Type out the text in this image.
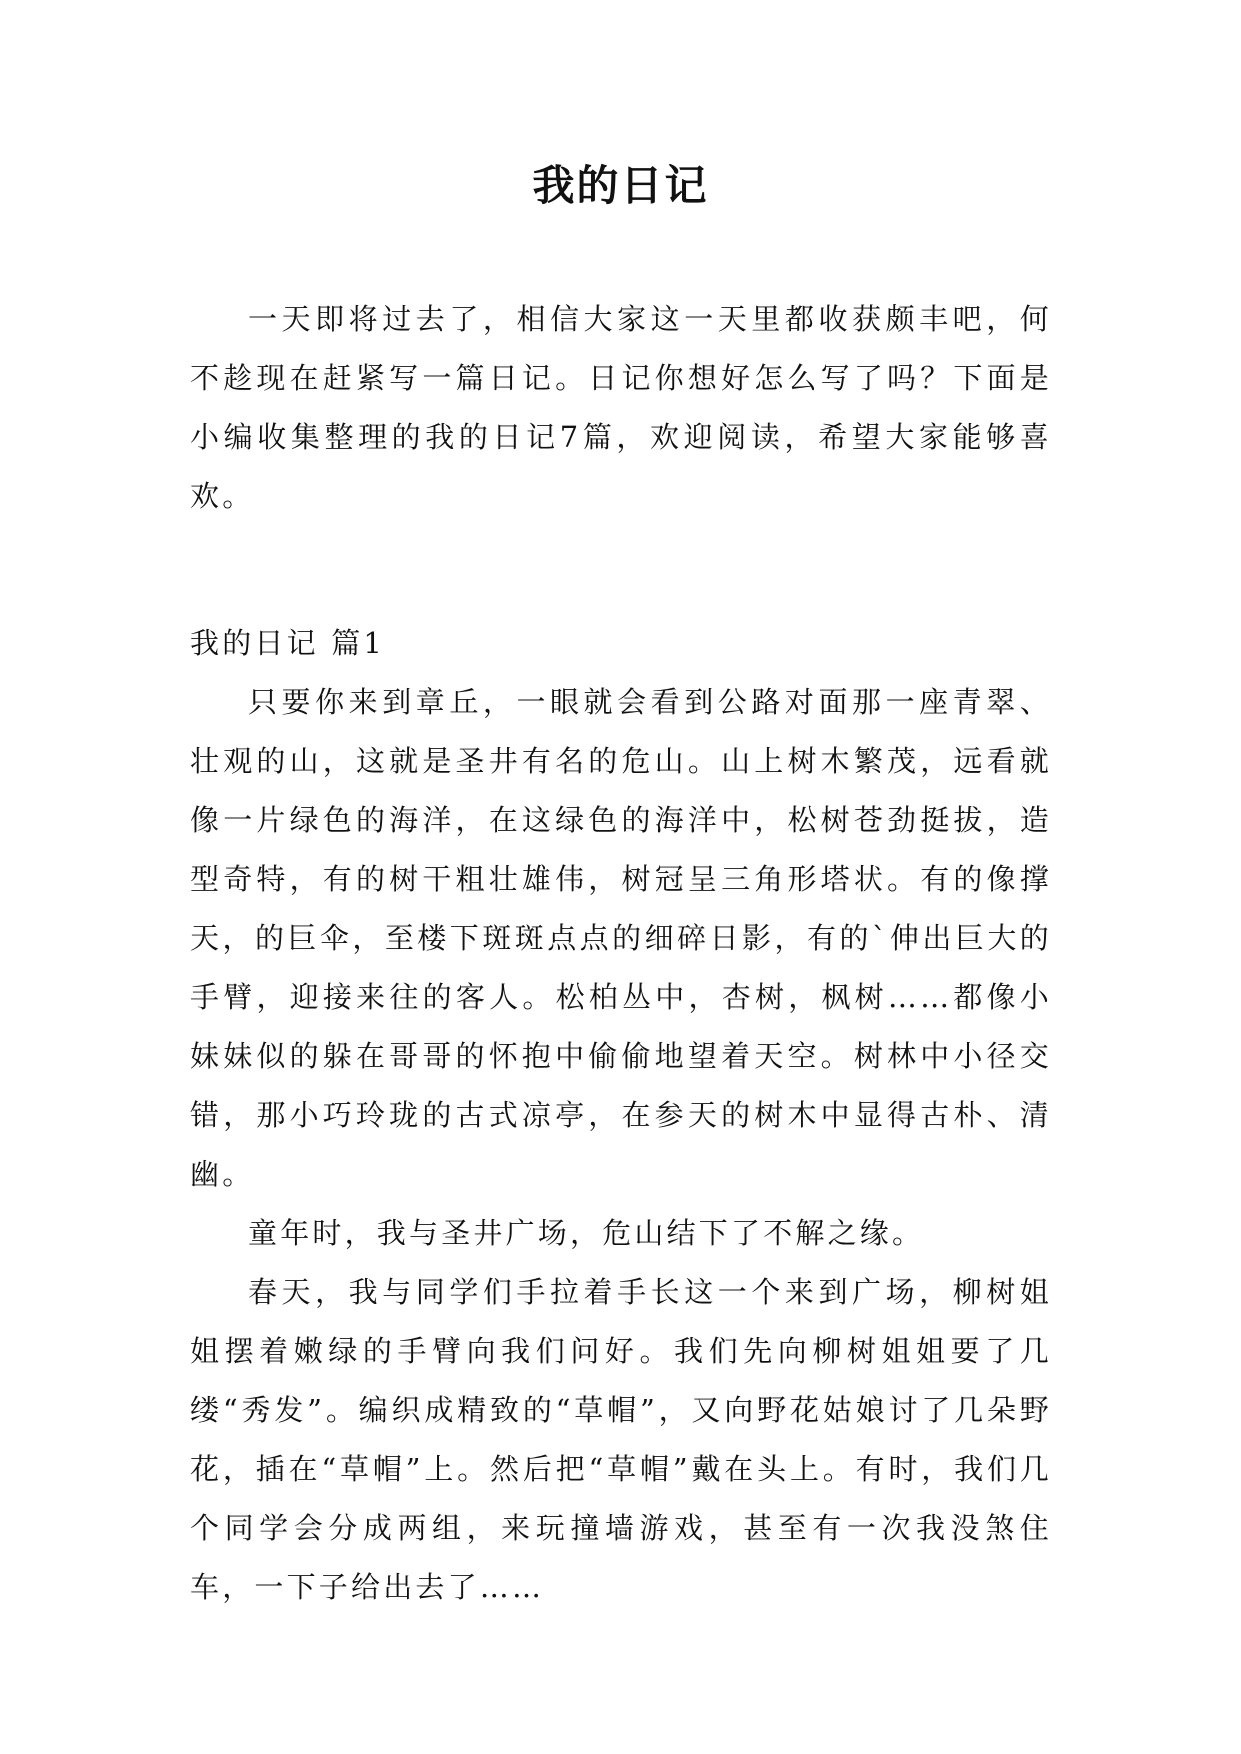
我的日记

一天即将过去了，相信大家这一天里都收获颇丰吧，何不趁现在赶紧写一篇日记。日记你想好怎么写了吗？下面是小编收集整理的我的日记7篇，欢迎阅读，希望大家能够喜欢。

我的日记 篇1

只要你来到章丘，一眼就会看到公路对面那一座青翠、壮观的山，这就是圣井有名的危山。山上树木繁茂，远看就像一片绿色的海洋，在这绿色的海洋中，松树苍劲挺拔，造型奇特，有的树干粗壮雄伟，树冠呈三角形塔状。有的像撑天，的巨伞，至楼下斑斑点点的细碎日影，有的`伸出巨大的手臂，迎接来往的客人。松柏丛中，杏树，枫树……都像小妹妹似的躲在哥哥的怀抱中偷偷地望着天空。树林中小径交错，那小巧玲珑的古式凉亭，在参天的树木中显得古朴、清幽。

童年时，我与圣井广场，危山结下了不解之缘。

春天，我与同学们手拉着手长这一个来到广场，柳树姐姐摆着嫩绿的手臂向我们问好。我们先向柳树姐姐要了几缕“秀发”。编织成精致的“草帽”，又向野花姑娘讨了几朵野花，插在“草帽”上。然后把“草帽”戴在头上。有时，我们几个同学会分成两组，来玩撞墙游戏，甚至有一次我没煞住车，一下子给出去了……
